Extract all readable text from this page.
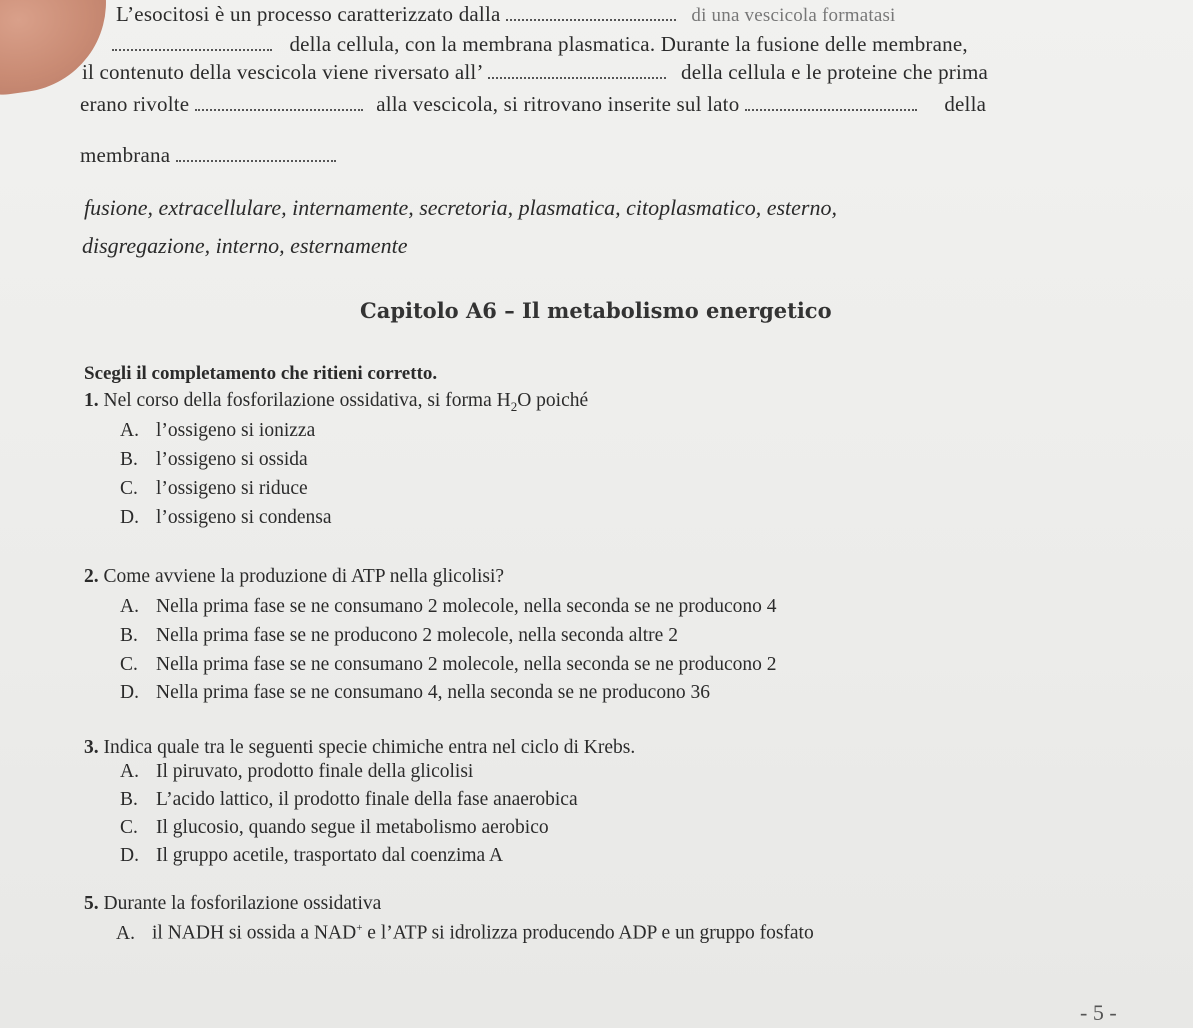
L’esocitosi è un processo caratterizzato dalla	di una vescicola formatasi
della cellula, con la membrana plasmatica. Durante la fusione delle membrane,
il contenuto della vescicola viene riversato all’	della cellula e le proteine che prima
erano rivolte	alla vescicola, si ritrovano inserite sul lato	della
membrana
fusione, extracellulare, internamente, secretoria, plasmatica, citoplasmatico, esterno,
disgregazione, interno, esternamente
Capitolo A6 – Il metabolismo energetico
Scegli il completamento che ritieni corretto.
1. Nel corso della fosforilazione ossidativa, si forma $H_2O$ poiché
A. l’ossigeno si ionizza
B. l’ossigeno si ossida
C. l’ossigeno si riduce
D. l’ossigeno si condensa
2. Come avviene la produzione di ATP nella glicolisi?
A. Nella prima fase se ne consumano 2 molecole, nella seconda se ne producono 4
B. Nella prima fase se ne producono 2 molecole, nella seconda altre 2
C. Nella prima fase se ne consumano 2 molecole, nella seconda se ne producono 2
D. Nella prima fase se ne consumano 4, nella seconda se ne producono 36
3. Indica quale tra le seguenti specie chimiche entra nel ciclo di Krebs.
A. Il piruvato, prodotto finale della glicolisi
B. L’acido lattico, il prodotto finale della fase anaerobica
C. Il glucosio, quando segue il metabolismo aerobico
D. Il gruppo acetile, trasportato dal coenzima A
5. Durante la fosforilazione ossidativa
A. il NADH si ossida a NAD+ e l’ATP si idrolizza producendo ADP e un gruppo fosfato
- 5 -
